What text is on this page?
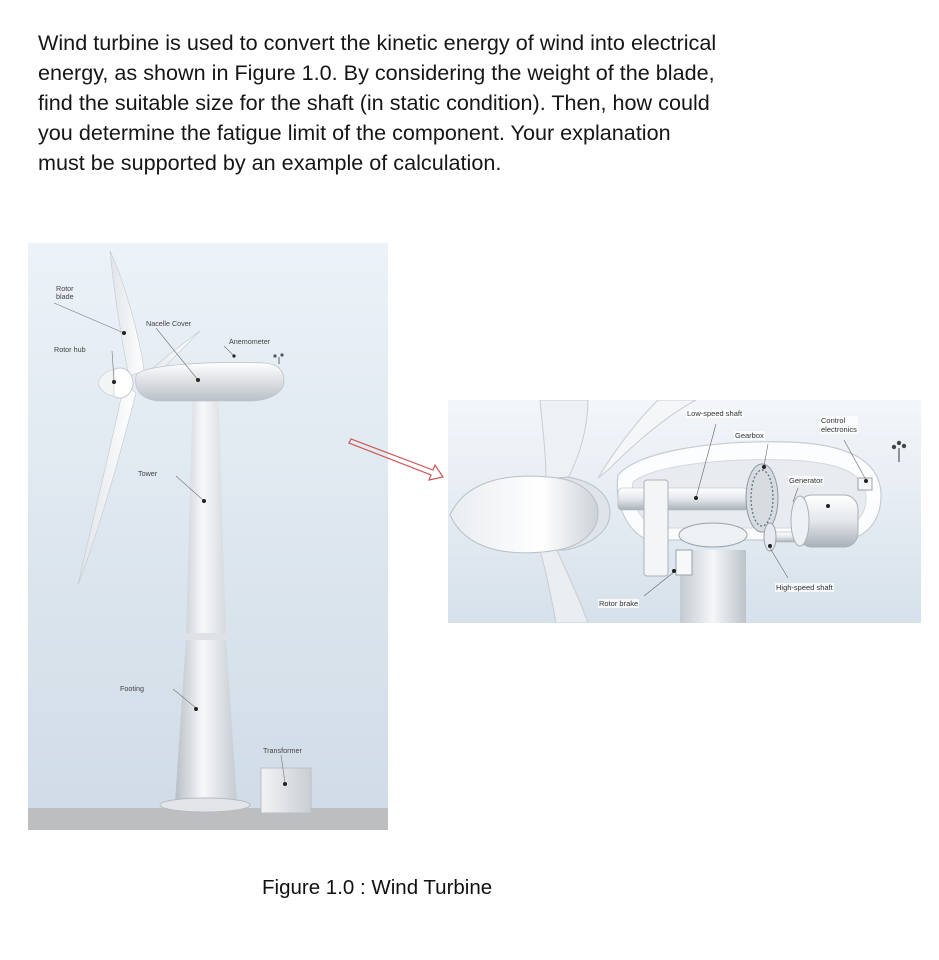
Wind turbine is used to convert the kinetic energy of wind into electrical
energy, as shown in Figure 1.0. By considering the weight of the blade,
find the suitable size for the shaft (in static condition). Then, how could
you determine the fatigue limit of the component. Your explanation
must be supported by an example of calculation.

Rotor
blade
Rotor hub
Nacelle Cover
Anemometer
Tower
Footing
Transformer
Low-speed shaft
Gearbox
Control
electronics
Generator
High-speed shaft
Rotor brake
Figure 1.0 : Wind Turbine
